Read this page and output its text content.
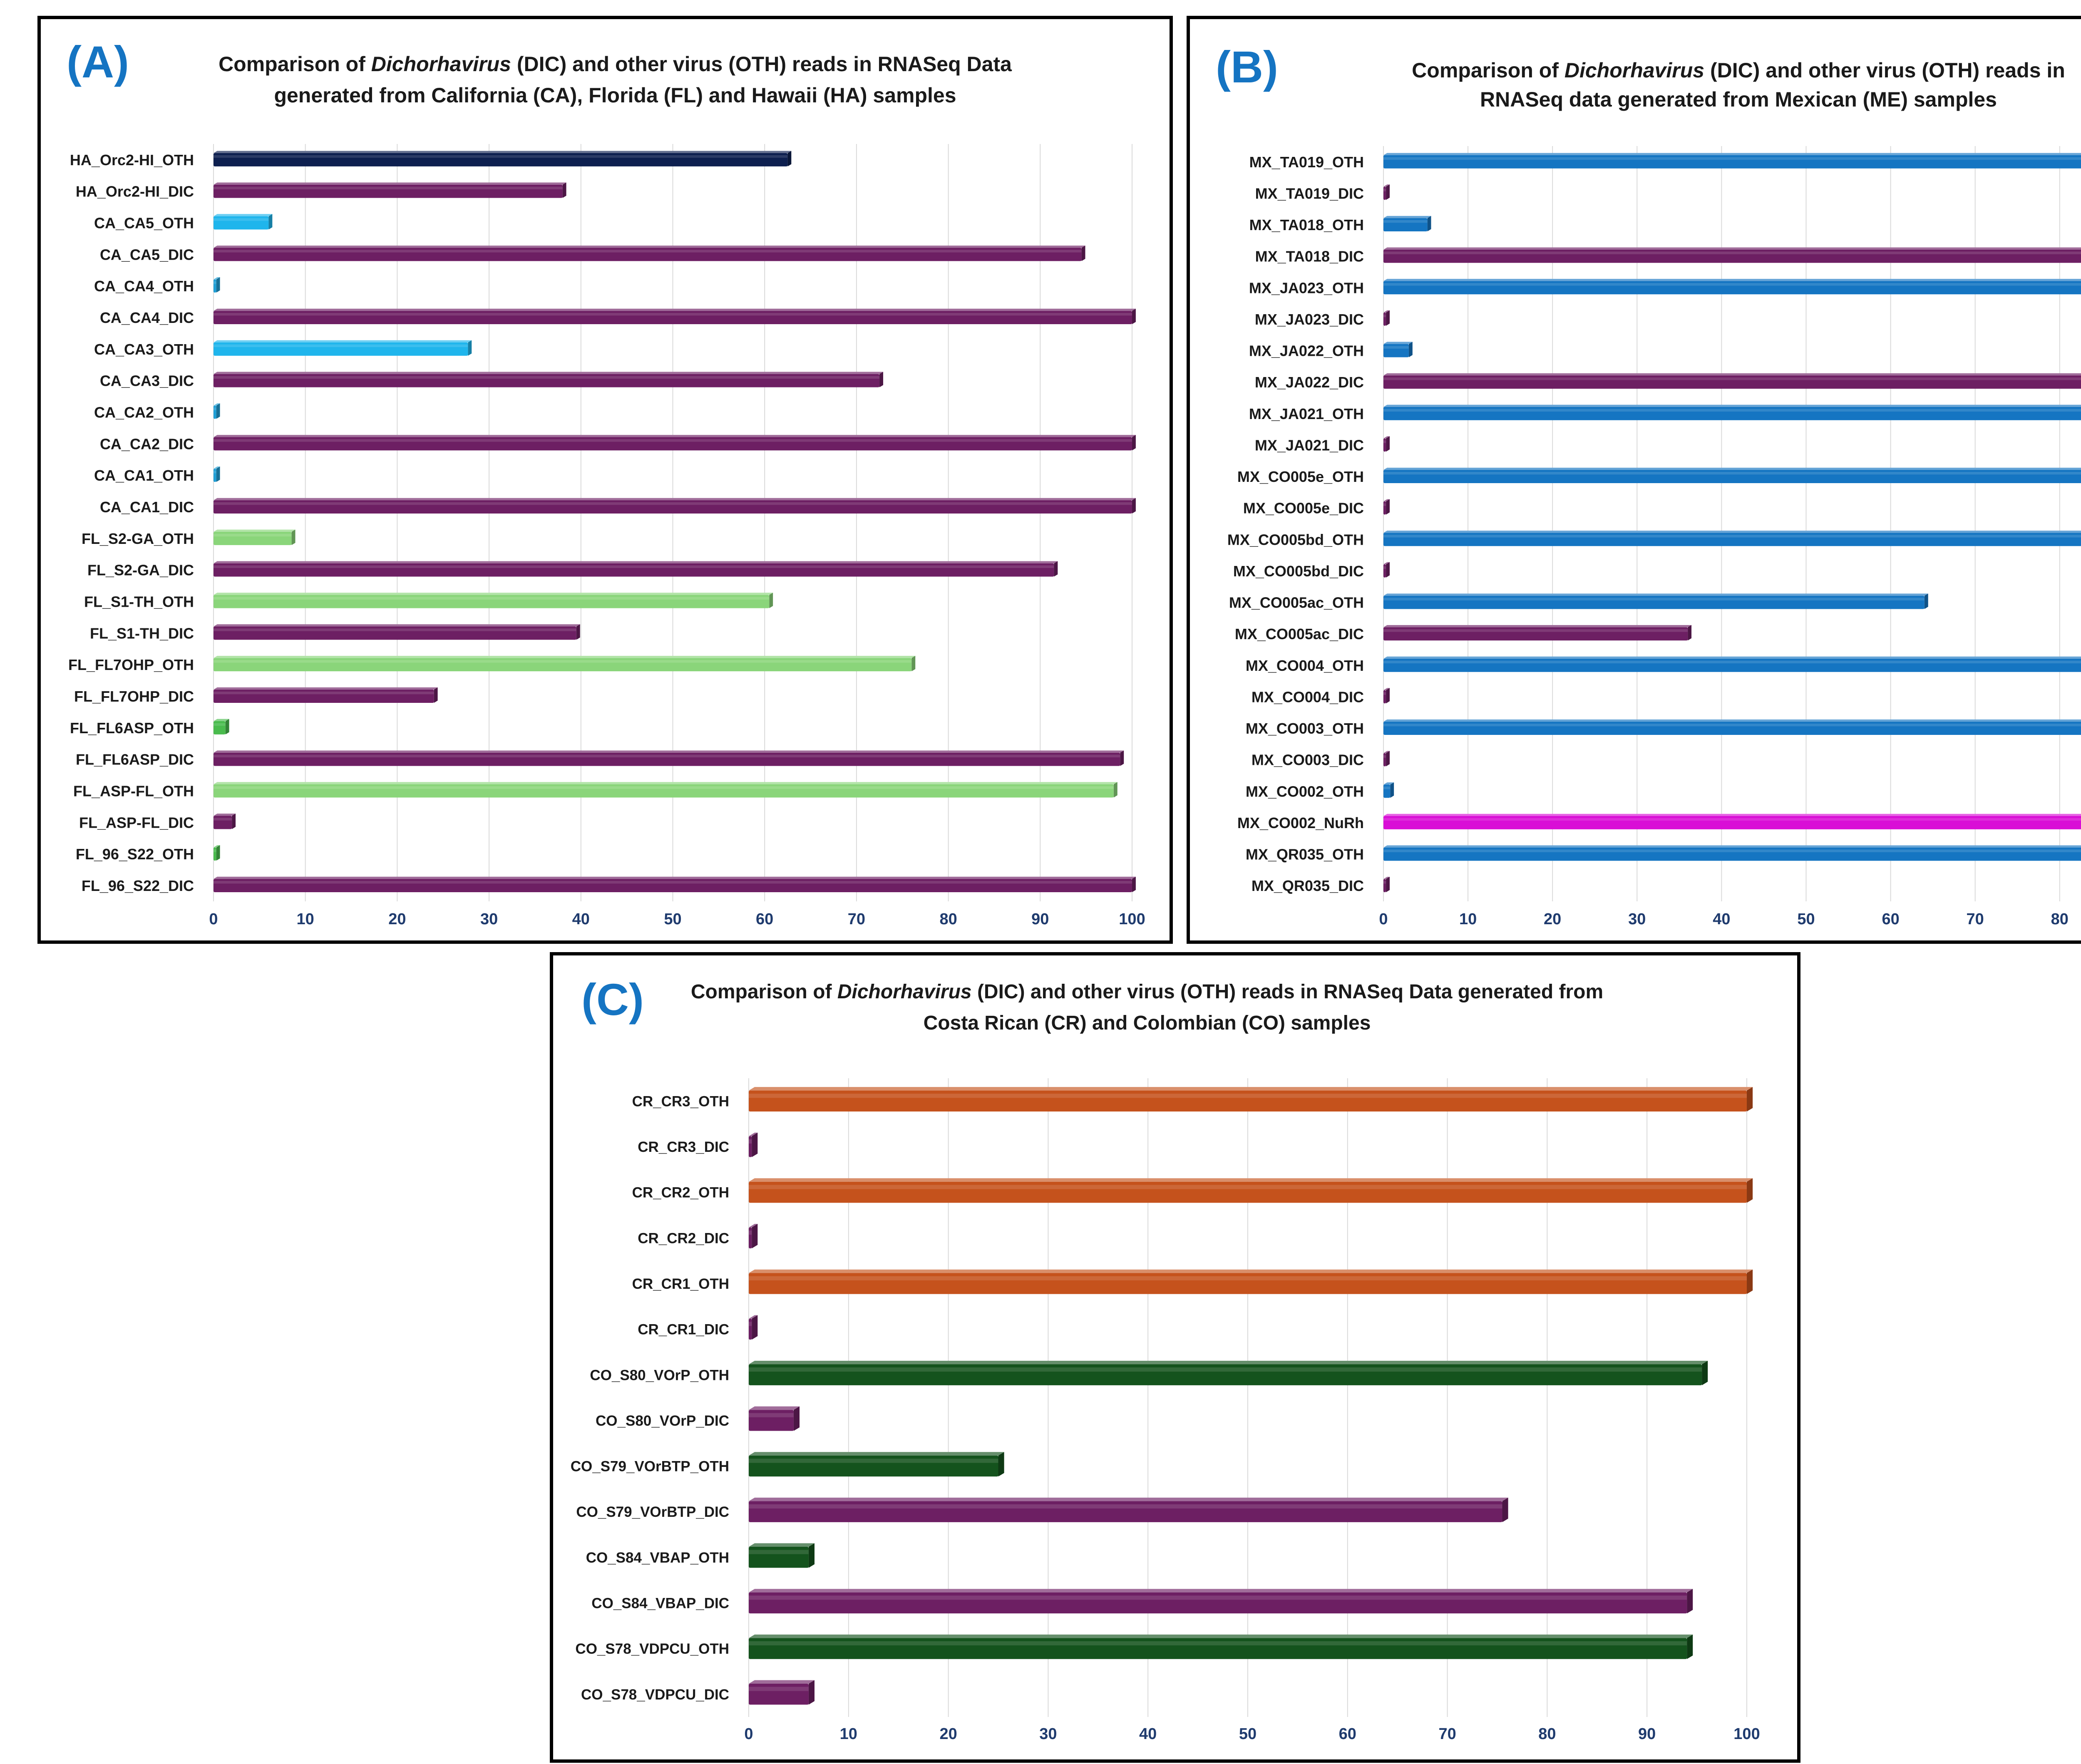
(A)	Comparison of Dichorhavirus (DIC) and other virus (OTH) reads in RNASeq Data
generated from California (CA), Florida (FL) and Hawaii (HA) samples
0	10	20	30	40	50	60	70	80	90	100
HA_Orc2-HI_OTH
HA_Orc2-HI_DIC
CA_CA5_OTH
CA_CA5_DIC
CA_CA4_OTH
CA_CA4_DIC
CA_CA3_OTH
CA_CA3_DIC
CA_CA2_OTH
CA_CA2_DIC
CA_CA1_OTH
CA_CA1_DIC
FL_S2-GA_OTH
FL_S2-GA_DIC
FL_S1-TH_OTH
FL_S1-TH_DIC
FL_FL7OHP_OTH
FL_FL7OHP_DIC
FL_FL6ASP_OTH
FL_FL6ASP_DIC
FL_ASP-FL_OTH
FL_ASP-FL_DIC
FL_96_S22_OTH
FL_96_S22_DIC
(B)	Comparison of Dichorhavirus (DIC) and other virus (OTH) reads in
RNASeq data generated from Mexican (ME) samples
0	10	20	30	40	50	60	70	80
MX_TA019_OTH
MX_TA019_DIC
MX_TA018_OTH
MX_TA018_DIC
MX_JA023_OTH
MX_JA023_DIC
MX_JA022_OTH
MX_JA022_DIC
MX_JA021_OTH
MX_JA021_DIC
MX_CO005e_OTH
MX_CO005e_DIC
MX_CO005bd_OTH
MX_CO005bd_DIC
MX_CO005ac_OTH
MX_CO005ac_DIC
MX_CO004_OTH
MX_CO004_DIC
MX_CO003_OTH
MX_CO003_DIC
MX_CO002_OTH
MX_CO002_NuRh
MX_QR035_OTH
MX_QR035_DIC
(C) Comparison of Dichorhavirus (DIC) and other virus (OTH) reads in RNASeq Data generated from
Costa Rican (CR) and Colombian (CO) samples
0	10	20	30	40	50	60	70	80	90	100
CR_CR3_OTH
CR_CR3_DIC
CR_CR2_OTH
CR_CR2_DIC
CR_CR1_OTH
CR_CR1_DIC
CO_S80_VOrP_OTH
CO_S80_VOrP_DIC
CO_S79_VOrBTP_OTH
CO_S79_VOrBTP_DIC
CO_S84_VBAP_OTH
CO_S84_VBAP_DIC
CO_S78_VDPCU_OTH
CO_S78_VDPCU_DIC
